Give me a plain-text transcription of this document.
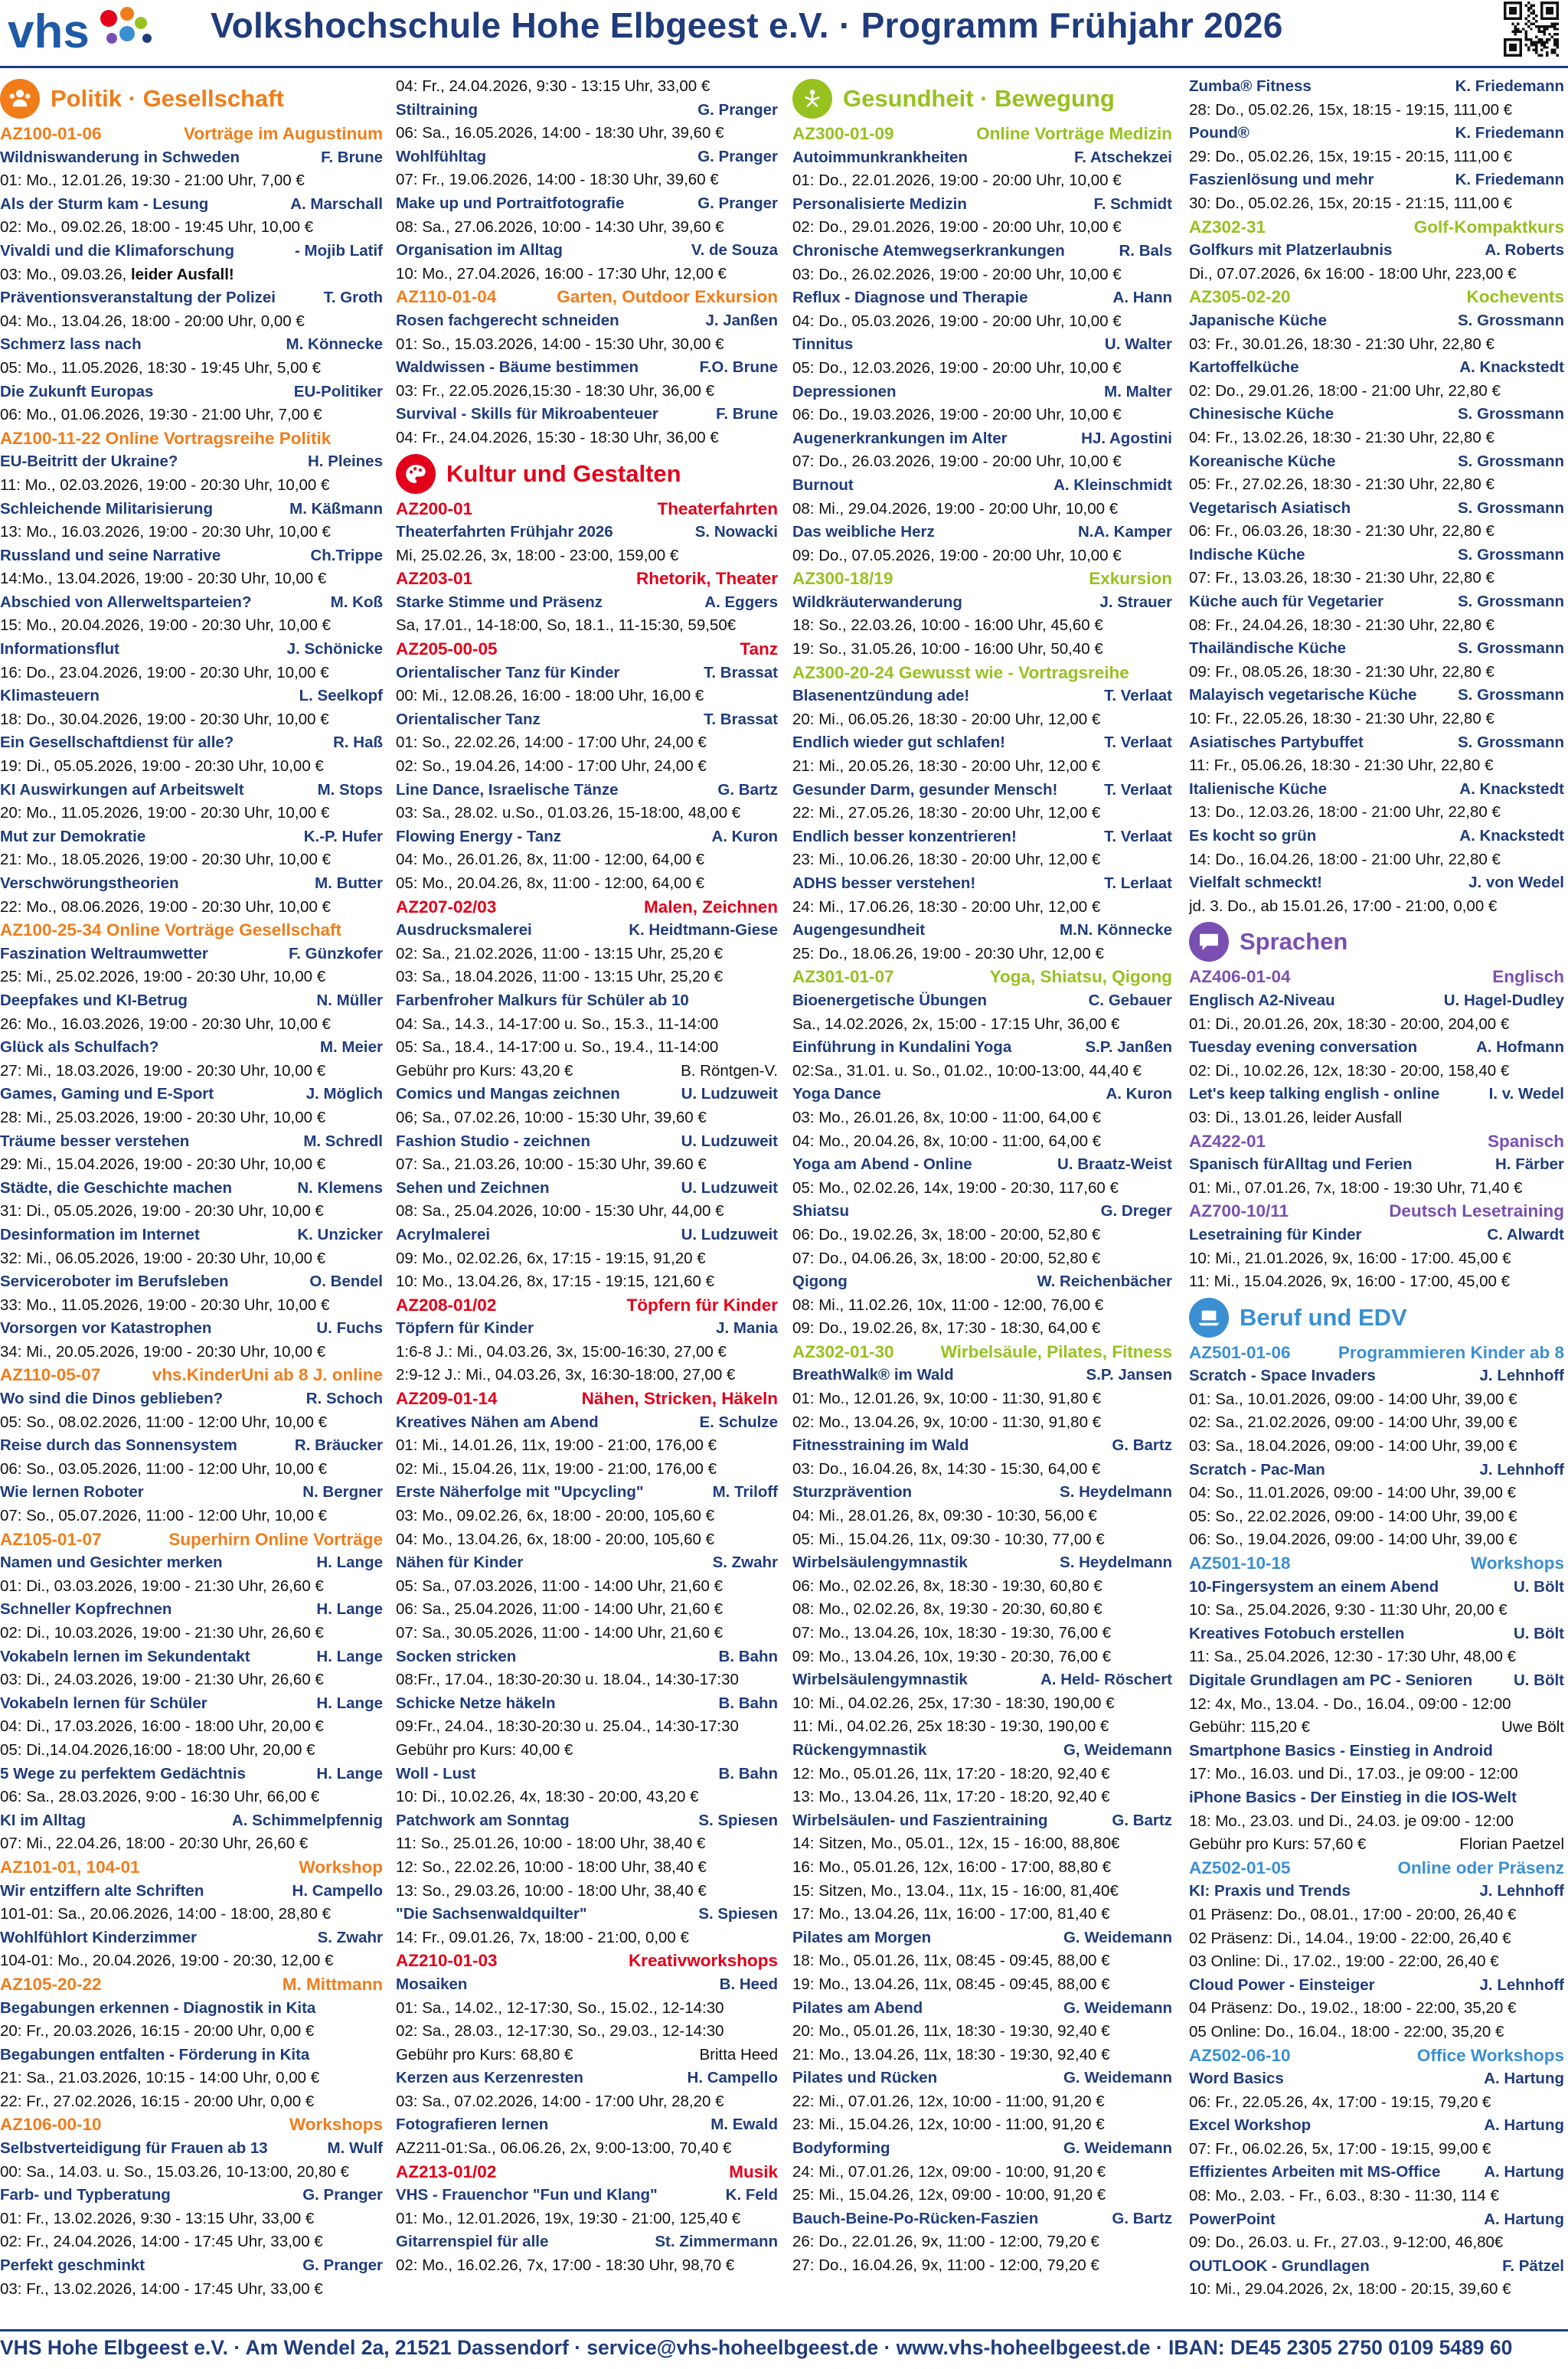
vhs	Volkshochschule Hohe Elbgeest e.V. · Programm Frühjahr 2026
Politik · Gesellschaft
AZ100-01-06	Vorträge im Augustinum
Wildniswanderung in Schweden	F. Brune
01: Mo., 12.01.26, 19:30 - 21:00 Uhr, 7,00 €
Als der Sturm kam - Lesung	A. Marschall
02: Mo., 09.02.26, 18:00 - 19:45 Uhr, 10,00 €
Vivaldi und die Klimaforschung	- Mojib Latif
03: Mo., 09.03.26, leider Ausfall!
Präventionsveranstaltung der Polizei	T. Groth
04: Mo., 13.04.26, 18:00 - 20:00 Uhr, 0,00 €
Schmerz lass nach	M. Könnecke
05: Mo., 11.05.2026, 18:30 - 19:45 Uhr, 5,00 €
Die Zukunft Europas	EU-Politiker
06: Mo., 01.06.2026, 19:30 - 21:00 Uhr, 7,00 €
AZ100-11-22 Online Vortragsreihe Politik
EU-Beitritt der Ukraine?	H. Pleines
11: Mo., 02.03.2026, 19:00 - 20:30 Uhr, 10,00 €
Schleichende Militarisierung	M. Käßmann
13: Mo., 16.03.2026, 19:00 - 20:30 Uhr, 10,00 €
Russland und seine Narrative	Ch.Trippe
14:Mo., 13.04.2026, 19:00 - 20:30 Uhr, 10,00 €
Abschied von Allerweltsparteien?	M. Koß
15: Mo., 20.04.2026, 19:00 - 20:30 Uhr, 10,00 €
Informationsflut	J. Schönicke
16: Do., 23.04.2026, 19:00 - 20:30 Uhr, 10,00 €
Klimasteuern	L. Seelkopf
18: Do., 30.04.2026, 19:00 - 20:30 Uhr, 10,00 €
Ein Gesellschaftdienst für alle?	R. Haß
19: Di., 05.05.2026, 19:00 - 20:30 Uhr, 10,00 €
KI Auswirkungen auf Arbeitswelt	M. Stops
20: Mo., 11.05.2026, 19:00 - 20:30 Uhr, 10,00 €
Mut zur Demokratie	K.-P. Hufer
21: Mo., 18.05.2026, 19:00 - 20:30 Uhr, 10,00 €
Verschwörungstheorien	M. Butter
22: Mo., 08.06.2026, 19:00 - 20:30 Uhr, 10,00 €
AZ100-25-34 Online Vorträge Gesellschaft
Faszination Weltraumwetter	F. Günzkofer
25: Mi., 25.02.2026, 19:00 - 20:30 Uhr, 10,00 €
Deepfakes und KI-Betrug	N. Müller
26: Mo., 16.03.2026, 19:00 - 20:30 Uhr, 10,00 €
Glück als Schulfach?	M. Meier
27: Mi., 18.03.2026, 19:00 - 20:30 Uhr, 10,00 €
Games, Gaming und E-Sport	J. Möglich
28: Mi., 25.03.2026, 19:00 - 20:30 Uhr, 10,00 €
Träume besser verstehen	M. Schredl
29: Mi., 15.04.2026, 19:00 - 20:30 Uhr, 10,00 €
Städte, die Geschichte machen	N. Klemens
31: Di., 05.05.2026, 19:00 - 20:30 Uhr, 10,00 €
Desinformation im Internet	K. Unzicker
32: Mi., 06.05.2026, 19:00 - 20:30 Uhr, 10,00 €
Serviceroboter im Berufsleben	O. Bendel
33: Mo., 11.05.2026, 19:00 - 20:30 Uhr, 10,00 €
Vorsorgen vor Katastrophen	U. Fuchs
34: Mi., 20.05.2026, 19:00 - 20:30 Uhr, 10,00 €
AZ110-05-07	vhs.KinderUni ab 8 J. online
Wo sind die Dinos geblieben?	R. Schoch
05: So., 08.02.2026, 11:00 - 12:00 Uhr, 10,00 €
Reise durch das Sonnensystem	R. Bräucker
06: So., 03.05.2026, 11:00 - 12:00 Uhr, 10,00 €
Wie lernen Roboter	N. Bergner
07: So., 05.07.2026, 11:00 - 12:00 Uhr, 10,00 €
AZ105-01-07	Superhirn Online Vorträge
Namen und Gesichter merken	H. Lange
01: Di., 03.03.2026, 19:00 - 21:30 Uhr, 26,60 €
Schneller Kopfrechnen	H. Lange
02: Di., 10.03.2026, 19:00 - 21:30 Uhr, 26,60 €
Vokabeln lernen im Sekundentakt	H. Lange
03: Di., 24.03.2026, 19:00 - 21:30 Uhr, 26,60 €
Vokabeln lernen für Schüler	H. Lange
04: Di., 17.03.2026, 16:00 - 18:00 Uhr, 20,00 €
05: Di.,14.04.2026,16:00 - 18:00 Uhr, 20,00 €
5 Wege zu perfektem Gedächtnis	H. Lange
06: Sa., 28.03.2026, 9:00 - 16:30 Uhr, 66,00 €
KI im Alltag	A. Schimmelpfennig
07: Mi., 22.04.26, 18:00 - 20:30 Uhr, 26,60 €
AZ101-01, 104-01	Workshop
Wir entziffern alte Schriften	H. Campello
101-01: Sa., 20.06.2026, 14:00 - 18:00, 28,80 €
Wohlfühlort Kinderzimmer	S. Zwahr
104-01: Mo., 20.04.2026, 19:00 - 20:30, 12,00 €
AZ105-20-22	M. Mittmann
Begabungen erkennen - Diagnostik in Kita
20: Fr., 20.03.2026, 16:15 - 20:00 Uhr, 0,00 €
Begabungen entfalten - Förderung in Kita
21: Sa., 21.03.2026, 10:15 - 14:00 Uhr, 0,00 €
22: Fr., 27.02.2026, 16:15 - 20:00 Uhr, 0,00 €
AZ106-00-10	Workshops
Selbstverteidigung für Frauen ab 13	M. Wulf
00: Sa., 14.03. u. So., 15.03.26, 10-13:00, 20,80 €
Farb- und Typberatung	G. Pranger
01: Fr., 13.02.2026, 9:30 - 13:15 Uhr, 33,00 €
02: Fr., 24.04.2026, 14:00 - 17:45 Uhr, 33,00 €
Perfekt geschminkt	G. Pranger
03: Fr., 13.02.2026, 14:00 - 17:45 Uhr, 33,00 €
04: Fr., 24.04.2026, 9:30 - 13:15 Uhr, 33,00 €
Stiltraining	G. Pranger
06: Sa., 16.05.2026, 14:00 - 18:30 Uhr, 39,60 €
Wohlfühltag	G. Pranger
07: Fr., 19.06.2026, 14:00 - 18:30 Uhr, 39,60 €
Make up und Portraitfotografie	G. Pranger
08: Sa., 27.06.2026, 10:00 - 14:30 Uhr, 39,60 €
Organisation im Alltag	V. de Souza
10: Mo., 27.04.2026, 16:00 - 17:30 Uhr, 12,00 €
AZ110-01-04	Garten, Outdoor Exkursion
Rosen fachgerecht schneiden	J. Janßen
01: So., 15.03.2026, 14:00 - 15:30 Uhr, 30,00 €
Waldwissen - Bäume bestimmen	F.O. Brune
03: Fr., 22.05.2026,15:30 - 18:30 Uhr, 36,00 €
Survival - Skills für Mikroabenteuer	F. Brune
04: Fr., 24.04.2026, 15:30 - 18:30 Uhr, 36,00 €
Kultur und Gestalten
AZ200-01	Theaterfahrten
Theaterfahrten Frühjahr 2026	S. Nowacki
Mi, 25.02.26, 3x, 18:00 - 23:00, 159,00 €
AZ203-01	Rhetorik, Theater
Starke Stimme und Präsenz	A. Eggers
Sa, 17.01., 14-18:00, So, 18.1., 11-15:30, 59,50€
AZ205-00-05	Tanz
Orientalischer Tanz für Kinder	T. Brassat
00: Mi., 12.08.26, 16:00 - 18:00 Uhr, 16,00 €
Orientalischer Tanz	T. Brassat
01: So., 22.02.26, 14:00 - 17:00 Uhr, 24,00 €
02: So., 19.04.26, 14:00 - 17:00 Uhr, 24,00 €
Line Dance, Israelische Tänze	G. Bartz
03: Sa., 28.02. u.So., 01.03.26, 15-18:00, 48,00 €
Flowing Energy - Tanz	A. Kuron
04: Mo., 26.01.26, 8x, 11:00 - 12:00, 64,00 €
05: Mo., 20.04.26, 8x, 11:00 - 12:00, 64,00 €
AZ207-02/03	Malen, Zeichnen
Ausdrucksmalerei	K. Heidtmann-Giese
02: Sa., 21.02.2026, 11:00 - 13:15 Uhr, 25,20 €
03: Sa., 18.04.2026, 11:00 - 13:15 Uhr, 25,20 €
Farbenfroher Malkurs für Schüler ab 10
04: Sa., 14.3., 14-17:00 u. So., 15.3., 11-14:00
05: Sa., 18.4., 14-17:00 u. So., 19.4., 11-14:00
Gebühr pro Kurs: 43,20 €	B. Röntgen-V.
Comics und Mangas zeichnen	U. Ludzuweit
06; Sa., 07.02.26, 10:00 - 15:30 Uhr, 39,60 €
Fashion Studio - zeichnen	U. Ludzuweit
07: Sa., 21.03.26, 10:00 - 15:30 Uhr, 39.60 €
Sehen und Zeichnen	U. Ludzuweit
08: Sa., 25.04.2026, 10:00 - 15:30 Uhr, 44,00 €
Acrylmalerei	U. Ludzuweit
09: Mo., 02.02.26, 6x, 17:15 - 19:15, 91,20 €
10: Mo., 13.04.26, 8x, 17:15 - 19:15, 121,60 €
AZ208-01/02	Töpfern für Kinder
Töpfern für Kinder	J. Mania
1:6-8 J.: Mi., 04.03.26, 3x, 15:00-16:30, 27,00 €
2:9-12 J.: Mi., 04.03.26, 3x, 16:30-18:00, 27,00 €
AZ209-01-14	Nähen, Stricken, Häkeln
Kreatives Nähen am Abend	E. Schulze
01: Mi., 14.01.26, 11x, 19:00 - 21:00, 176,00 €
02: Mi., 15.04.26, 11x, 19:00 - 21:00, 176,00 €
Erste Näherfolge mit "Upcycling"	M. Triloff
03: Mo., 09.02.26, 6x, 18:00 - 20:00, 105,60 €
04: Mo., 13.04.26, 6x, 18:00 - 20:00, 105,60 €
Nähen für Kinder	S. Zwahr
05: Sa., 07.03.2026, 11:00 - 14:00 Uhr, 21,60 €
06: Sa., 25.04.2026, 11:00 - 14:00 Uhr, 21,60 €
07: Sa., 30.05.2026, 11:00 - 14:00 Uhr, 21,60 €
Socken stricken	B. Bahn
08:Fr., 17.04., 18:30-20:30 u. 18.04., 14:30-17:30
Schicke Netze häkeln	B. Bahn
09:Fr., 24.04., 18:30-20:30 u. 25.04., 14:30-17:30
Gebühr pro Kurs: 40,00 €
Woll - Lust	B. Bahn
10: Di., 10.02.26, 4x, 18:30 - 20:00, 43,20 €
Patchwork am Sonntag	S. Spiesen
11: So., 25.01.26, 10:00 - 18:00 Uhr, 38,40 €
12: So., 22.02.26, 10:00 - 18:00 Uhr, 38,40 €
13: So., 29.03.26, 10:00 - 18:00 Uhr, 38,40 €
"Die Sachsenwaldquilter"	S. Spiesen
14: Fr., 09.01.26, 7x, 18:00 - 21:00, 0,00 €
AZ210-01-03	Kreativworkshops
Mosaiken	B. Heed
01: Sa., 14.02., 12-17:30, So., 15.02., 12-14:30
02: Sa., 28.03., 12-17:30, So., 29.03., 12-14:30
Gebühr pro Kurs: 68,80 €	Britta Heed
Kerzen aus Kerzenresten	H. Campello
03: Sa., 07.02.2026, 14:00 - 17:00 Uhr, 28,20 €
Fotografieren lernen	M. Ewald
AZ211-01:Sa., 06.06.26, 2x, 9:00-13:00, 70,40 €
AZ213-01/02	Musik
VHS - Frauenchor "Fun und Klang"	K. Feld
01: Mo., 12.01.2026, 19x, 19:30 - 21:00, 125,40 €
Gitarrenspiel für alle	St. Zimmermann
02: Mo., 16.02.26, 7x, 17:00 - 18:30 Uhr, 98,70 €
Gesundheit · Bewegung
AZ300-01-09	Online Vorträge Medizin
Autoimmunkrankheiten	F. Atschekzei
01: Do., 22.01.2026, 19:00 - 20:00 Uhr, 10,00 €
Personalisierte Medizin	F. Schmidt
02: Do., 29.01.2026, 19:00 - 20:00 Uhr, 10,00 €
Chronische Atemwegserkrankungen	R. Bals
03: Do., 26.02.2026, 19:00 - 20:00 Uhr, 10,00 €
Reflux - Diagnose und Therapie	A. Hann
04: Do., 05.03.2026, 19:00 - 20:00 Uhr, 10,00 €
Tinnitus	U. Walter
05: Do., 12.03.2026, 19:00 - 20:00 Uhr, 10,00 €
Depressionen	M. Malter
06: Do., 19.03.2026, 19:00 - 20:00 Uhr, 10,00 €
Augenerkrankungen im Alter	HJ. Agostini
07: Do., 26.03.2026, 19:00 - 20:00 Uhr, 10,00 €
Burnout	A. Kleinschmidt
08: Mi., 29.04.2026, 19:00 - 20:00 Uhr, 10,00 €
Das weibliche Herz	N.A. Kamper
09: Do., 07.05.2026, 19:00 - 20:00 Uhr, 10,00 €
AZ300-18/19	Exkursion
Wildkräuterwanderung	J. Strauer
18: So., 22.03.26, 10:00 - 16:00 Uhr, 45,60 €
19: So., 31.05.26, 10:00 - 16:00 Uhr, 50,40 €
AZ300-20-24 Gewusst wie - Vortragsreihe
Blasenentzündung ade!	T. Verlaat
20: Mi., 06.05.26, 18:30 - 20:00 Uhr, 12,00 €
Endlich wieder gut schlafen!	T. Verlaat
21: Mi., 20.05.26, 18:30 - 20:00 Uhr, 12,00 €
Gesunder Darm, gesunder Mensch!	T. Verlaat
22: Mi., 27.05.26, 18:30 - 20:00 Uhr, 12,00 €
Endlich besser konzentrieren!	T. Verlaat
23: Mi., 10.06.26, 18:30 - 20:00 Uhr, 12,00 €
ADHS besser verstehen!	T. Lerlaat
24: Mi., 17.06.26, 18:30 - 20:00 Uhr, 12,00 €
Augengesundheit	M.N. Könnecke
25: Do., 18.06.26, 19:00 - 20:30 Uhr, 12,00 €
AZ301-01-07	Yoga, Shiatsu, Qigong
Bioenergetische Übungen	C. Gebauer
Sa., 14.02.2026, 2x, 15:00 - 17:15 Uhr, 36,00 €
Einführung in Kundalini Yoga	S.P. Janßen
02:Sa., 31.01. u. So., 01.02., 10:00-13:00, 44,40 €
Yoga Dance	A. Kuron
03: Mo., 26.01.26, 8x, 10:00 - 11:00, 64,00 €
04: Mo., 20.04.26, 8x, 10:00 - 11:00, 64,00 €
Yoga am Abend - Online	U. Braatz-Weist
05: Mo., 02.02.26, 14x, 19:00 - 20:30, 117,60 €
Shiatsu	G. Dreger
06: Do., 19.02.26, 3x, 18:00 - 20:00, 52,80 €
07: Do., 04.06.26, 3x, 18:00 - 20:00, 52,80 €
Qigong	W. Reichenbächer
08: Mi., 11.02.26, 10x, 11:00 - 12:00, 76,00 €
09: Do., 19.02.26, 8x, 17:30 - 18:30, 64,00 €
AZ302-01-30	Wirbelsäule, Pilates, Fitness
BreathWalk® im Wald	S.P. Jansen
01: Mo., 12.01.26, 9x, 10:00 - 11:30, 91,80 €
02: Mo., 13.04.26, 9x, 10:00 - 11:30, 91,80 €
Fitnesstraining im Wald	G. Bartz
03: Do., 16.04.26, 8x, 14:30 - 15:30, 64,00 €
Sturzprävention	S. Heydelmann
04: Mi., 28.01.26, 8x, 09:30 - 10:30, 56,00 €
05: Mi., 15.04.26, 11x, 09:30 - 10:30, 77,00 €
Wirbelsäulengymnastik	S. Heydelmann
06: Mo., 02.02.26, 8x, 18:30 - 19:30, 60,80 €
08: Mo., 02.02.26, 8x, 19:30 - 20:30, 60,80 €
07: Mo., 13.04.26, 10x, 18:30 - 19:30, 76,00 €
09: Mo., 13.04.26, 10x, 19:30 - 20:30, 76,00 €
Wirbelsäulengymnastik	A. Held- Röschert
10: Mi., 04.02.26, 25x, 17:30 - 18:30, 190,00 €
11: Mi., 04.02.26, 25x 18:30 - 19:30, 190,00 €
Rückengymnastik	G, Weidemann
12: Mo., 05.01.26, 11x, 17:20 - 18:20, 92,40 €
13: Mo., 13.04.26, 11x, 17:20 - 18:20, 92,40 €
Wirbelsäulen- und Faszientraining	G. Bartz
14: Sitzen, Mo., 05.01., 12x, 15 - 16:00, 88,80€
16: Mo., 05.01.26, 12x, 16:00 - 17:00, 88,80 €
15: Sitzen, Mo., 13.04., 11x, 15 - 16:00, 81,40€
17: Mo., 13.04.26, 11x, 16:00 - 17:00, 81,40 €
Pilates am Morgen	G. Weidemann
18: Mo., 05.01.26, 11x, 08:45 - 09:45, 88,00 €
19: Mo., 13.04.26, 11x, 08:45 - 09:45, 88,00 €
Pilates am Abend	G. Weidemann
20: Mo., 05.01.26, 11x, 18:30 - 19:30, 92,40 €
21: Mo., 13.04.26, 11x, 18:30 - 19:30, 92,40 €
Pilates und Rücken	G. Weidemann
22: Mi., 07.01.26, 12x, 10:00 - 11:00, 91,20 €
23: Mi., 15.04.26, 12x, 10:00 - 11:00, 91,20 €
Bodyforming	G. Weidemann
24: Mi., 07.01.26, 12x, 09:00 - 10:00, 91,20 €
25: Mi., 15.04.26, 12x, 09:00 - 10:00, 91,20 €
Bauch-Beine-Po-Rücken-Faszien	G. Bartz
26: Do., 22.01.26, 9x, 11:00 - 12:00, 79,20 €
27: Do., 16.04.26, 9x, 11:00 - 12:00, 79,20 €
Zumba® Fitness	K. Friedemann
28: Do., 05.02.26, 15x, 18:15 - 19:15, 111,00 €
Pound®	K. Friedemann
29: Do., 05.02.26, 15x, 19:15 - 20:15, 111,00 €
Faszienlösung und mehr	K. Friedemann
30: Do., 05.02.26, 15x, 20:15 - 21:15, 111,00 €
AZ302-31	Golf-Kompaktkurs
Golfkurs mit Platzerlaubnis	A. Roberts
Di., 07.07.2026, 6x 16:00 - 18:00 Uhr, 223,00 €
AZ305-02-20	Kochevents
Japanische Küche	S. Grossmann
03: Fr., 30.01.26, 18:30 - 21:30 Uhr, 22,80 €
Kartoffelküche	A. Knackstedt
02: Do., 29.01.26, 18:00 - 21:00 Uhr, 22,80 €
Chinesische Küche	S. Grossmann
04: Fr., 13.02.26, 18:30 - 21:30 Uhr, 22,80 €
Koreanische Küche	S. Grossmann
05: Fr., 27.02.26, 18:30 - 21:30 Uhr, 22,80 €
Vegetarisch Asiatisch	S. Grossmann
06: Fr., 06.03.26, 18:30 - 21:30 Uhr, 22,80 €
Indische Küche	S. Grossmann
07: Fr., 13.03.26, 18:30 - 21:30 Uhr, 22,80 €
Küche auch für Vegetarier	S. Grossmann
08: Fr., 24.04.26, 18:30 - 21:30 Uhr, 22,80 €
Thailändische Küche	S. Grossmann
09: Fr., 08.05.26, 18:30 - 21:30 Uhr, 22,80 €
Malayisch vegetarische Küche	S. Grossmann
10: Fr., 22.05.26, 18:30 - 21:30 Uhr, 22,80 €
Asiatisches Partybuffet	S. Grossmann
11: Fr., 05.06.26, 18:30 - 21:30 Uhr, 22,80 €
Italienische Küche	A. Knackstedt
13: Do., 12.03.26, 18:00 - 21:00 Uhr, 22,80 €
Es kocht so grün	A. Knackstedt
14: Do., 16.04.26, 18:00 - 21:00 Uhr, 22,80 €
Vielfalt schmeckt!	J. von Wedel
jd. 3. Do., ab 15.01.26, 17:00 - 21:00, 0,00 €
Sprachen
AZ406-01-04	Englisch
Englisch A2-Niveau	U. Hagel-Dudley
01: Di., 20.01.26, 20x, 18:30 - 20:00, 204,00 €
Tuesday evening conversation	A. Hofmann
02: Di., 10.02.26, 12x, 18:30 - 20:00, 158,40 €
Let's keep talking english - online	I. v. Wedel
03: Di., 13.01.26, leider Ausfall
AZ422-01	Spanisch
Spanisch fürAlltag und Ferien	H. Färber
01: Mi., 07.01.26, 7x, 18:00 - 19:30 Uhr, 71,40 €
AZ700-10/11	Deutsch Lesetraining
Lesetraining für Kinder	C. Alwardt
10: Mi., 21.01.2026, 9x, 16:00 - 17:00. 45,00 €
11: Mi., 15.04.2026, 9x, 16:00 - 17:00, 45,00 €
Beruf und EDV
AZ501-01-06	Programmieren Kinder ab 8
Scratch - Space Invaders	J. Lehnhoff
01: Sa., 10.01.2026, 09:00 - 14:00 Uhr, 39,00 €
02: Sa., 21.02.2026, 09:00 - 14:00 Uhr, 39,00 €
03: Sa., 18.04.2026, 09:00 - 14:00 Uhr, 39,00 €
Scratch - Pac-Man	J. Lehnhoff
04: So., 11.01.2026, 09:00 - 14:00 Uhr, 39,00 €
05: So., 22.02.2026, 09:00 - 14:00 Uhr, 39,00 €
06: So., 19.04.2026, 09:00 - 14:00 Uhr, 39,00 €
AZ501-10-18	Workshops
10-Fingersystem an einem Abend	U. Bölt
10: Sa., 25.04.2026, 9:30 - 11:30 Uhr, 20,00 €
Kreatives Fotobuch erstellen	U. Bölt
11: Sa., 25.04.2026, 12:30 - 17:30 Uhr, 48,00 €
Digitale Grundlagen am PC - Senioren	U. Bölt
12: 4x, Mo., 13.04. - Do., 16.04., 09:00 - 12:00
Gebühr: 115,20 €	Uwe Bölt
Smartphone Basics - Einstieg in Android
17: Mo., 16.03. und Di., 17.03., je 09:00 - 12:00
iPhone Basics - Der Einstieg in die IOS-Welt
18: Mo., 23.03. und Di., 24.03. je 09:00 - 12:00
Gebühr pro Kurs: 57,60 €	Florian Paetzel
AZ502-01-05	Online oder Präsenz
KI: Praxis und Trends	J. Lehnhoff
01 Präsenz: Do., 08.01., 17:00 - 20:00, 26,40 €
02 Präsenz: Di., 14.04., 19:00 - 22:00, 26,40 €
03 Online: Di., 17.02., 19:00 - 22:00, 26,40 €
Cloud Power - Einsteiger	J. Lehnhoff
04 Präsenz: Do., 19.02., 18:00 - 22:00, 35,20 €
05 Online: Do., 16.04., 18:00 - 22:00, 35,20 €
AZ502-06-10	Office Workshops
Word Basics	A. Hartung
06: Fr., 22.05.26, 4x, 17:00 - 19:15, 79,20 €
Excel Workshop	A. Hartung
07: Fr., 06.02.26, 5x, 17:00 - 19:15, 99,00 €
Effizientes Arbeiten mit MS-Office	A. Hartung
08: Mo., 2.03. - Fr., 6.03., 8:30 - 11:30, 114 €
PowerPoint	A. Hartung
09: Do., 26.03. u. Fr., 27.03., 9-12:00, 46,80€
OUTLOOK - Grundlagen	F. Pätzel
10: Mi., 29.04.2026, 2x, 18:00 - 20:15, 39,60 €
VHS Hohe Elbgeest e.V. · Am Wendel 2a, 21521 Dassendorf · service@vhs-hoheelbgeest.de · www.vhs-hoheelbgeest.de · IBAN: DE45 2305 2750 0109 5489 60
